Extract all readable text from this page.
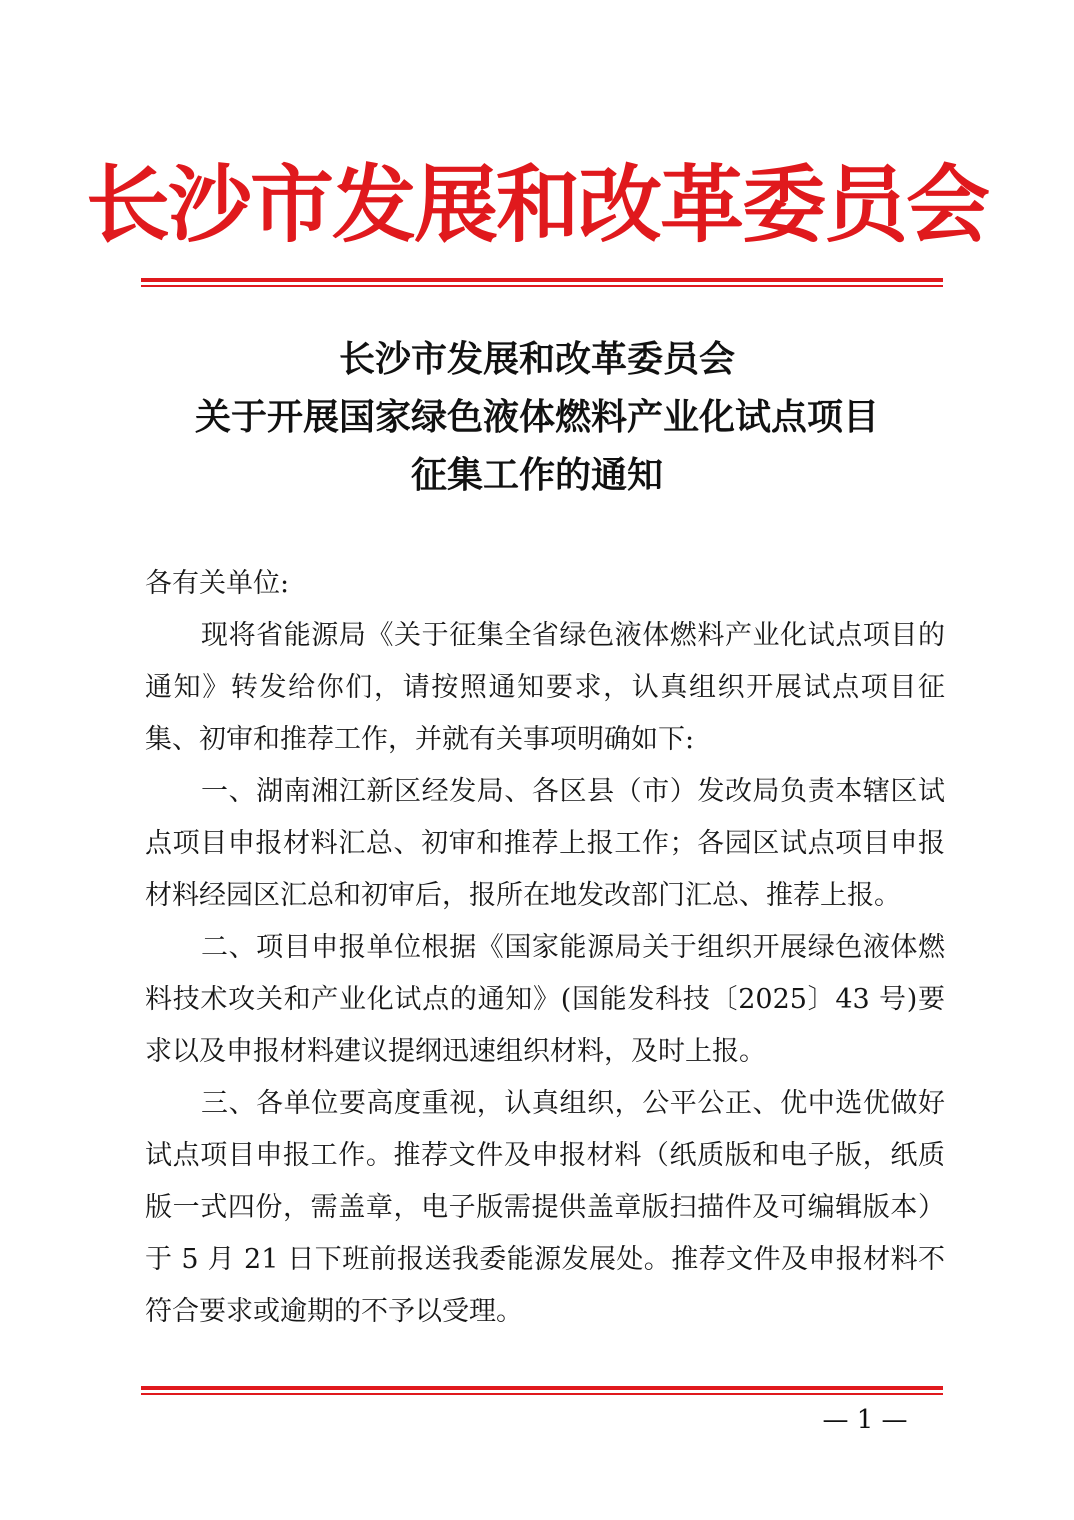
长沙市发展和改革委员会
长沙市发展和改革委员会
关于开展国家绿色液体燃料产业化试点项目
征集工作的通知

各有关单位:

现将省能源局《关于征集全省绿色液体燃料产业化试点项目的通知》转发给你们，请按照通知要求，认真组织开展试点项目征集、初审和推荐工作，并就有关事项明确如下:

一、湖南湘江新区经发局、各区县（市）发改局负责本辖区试点项目申报材料汇总、初审和推荐上报工作；各园区试点项目申报材料经园区汇总和初审后，报所在地发改部门汇总、推荐上报。

二、项目申报单位根据《国家能源局关于组织开展绿色液体燃料技术攻关和产业化试点的通知》(国能发科技〔2025〕43 号)要求以及申报材料建议提纲迅速组织材料，及时上报。

三、各单位要高度重视，认真组织，公平公正、优中选优做好试点项目申报工作。推荐文件及申报材料（纸质版和电子版，纸质版一式四份，需盖章，电子版需提供盖章版扫描件及可编辑版本）于 5 月 21 日下班前报送我委能源发展处。推荐文件及申报材料不符合要求或逾期的不予以受理。

— 1 —
